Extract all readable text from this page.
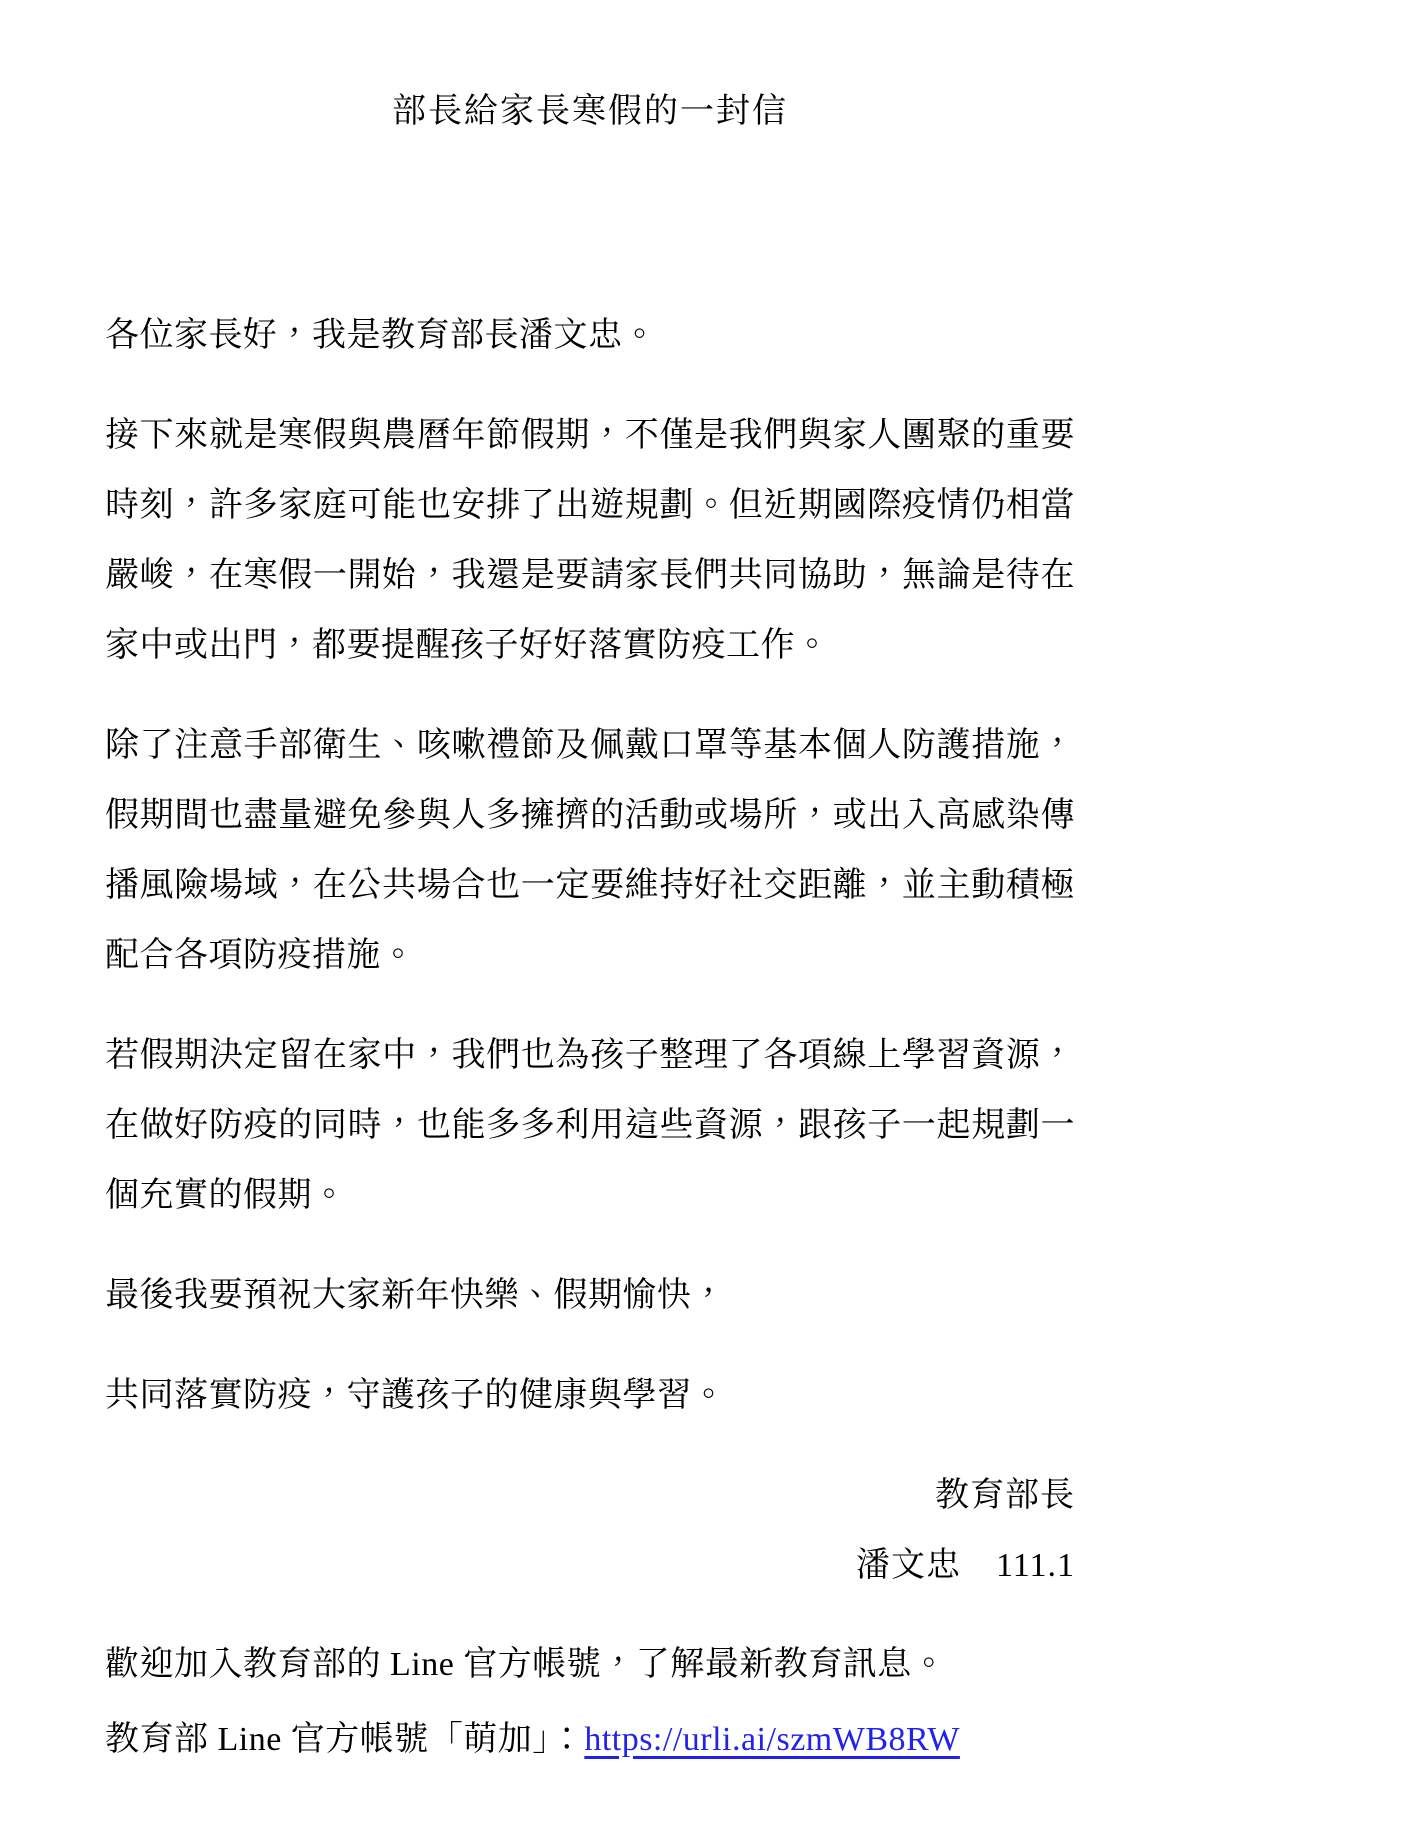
部長給家長寒假的一封信

各位家長好，我是教育部長潘文忠。

接下來就是寒假與農曆年節假期，不僅是我們與家人團聚的重要時刻，許多家庭可能也安排了出遊規劃。但近期國際疫情仍相當嚴峻，在寒假一開始，我還是要請家長們共同協助，無論是待在家中或出門，都要提醒孩子好好落實防疫工作。

除了注意手部衛生、咳嗽禮節及佩戴口罩等基本個人防護措施，假期間也盡量避免參與人多擁擠的活動或場所，或出入高感染傳播風險場域，在公共場合也一定要維持好社交距離，並主動積極配合各項防疫措施。

若假期決定留在家中，我們也為孩子整理了各項線上學習資源，在做好防疫的同時，也能多多利用這些資源，跟孩子一起規劃一個充實的假期。

最後我要預祝大家新年快樂、假期愉快，

共同落實防疫，守護孩子的健康與學習。

教育部長
潘文忠　111.1

歡迎加入教育部的 Line 官方帳號，了解最新教育訊息。

教育部 Line 官方帳號「萌加」：https://urli.ai/szmWB8RW
